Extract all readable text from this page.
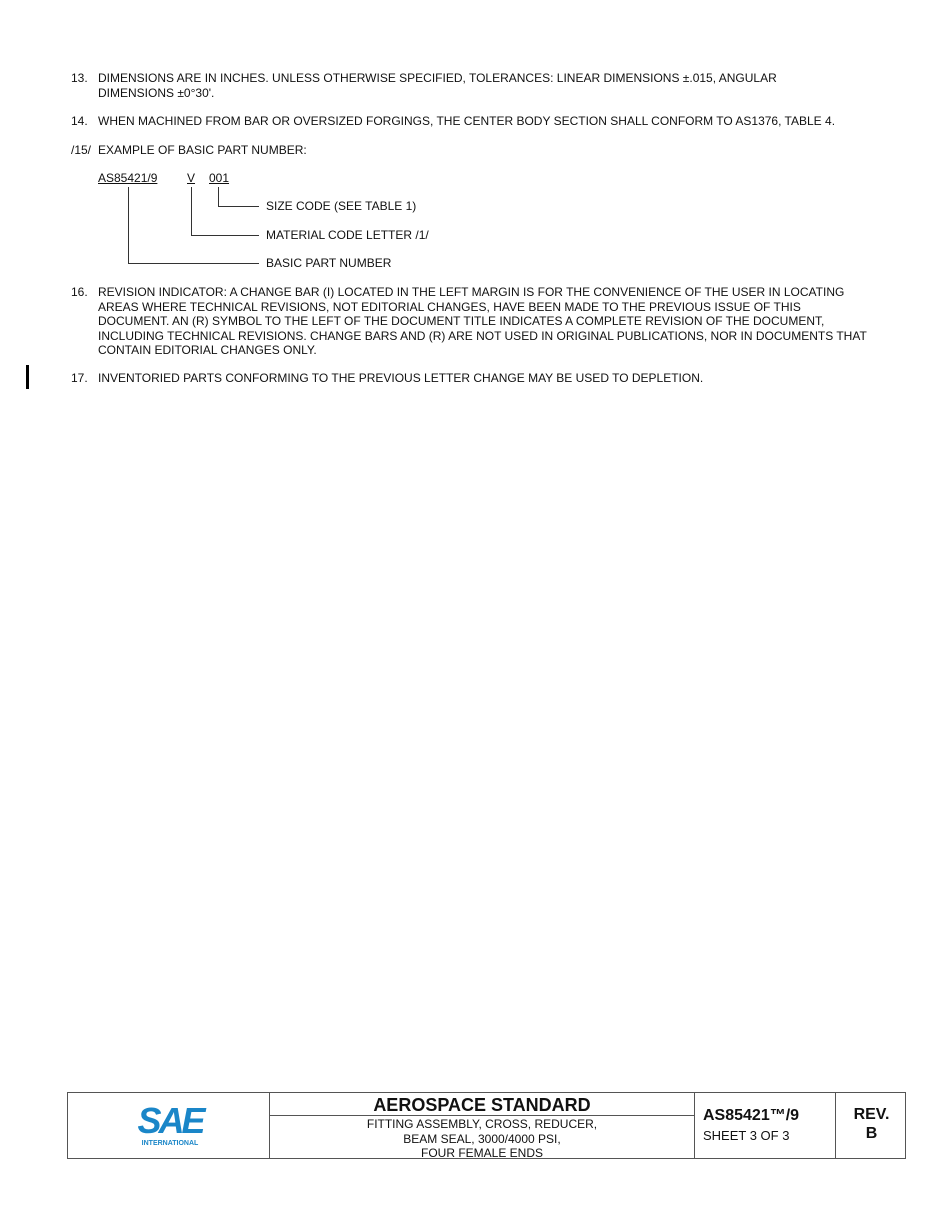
13. DIMENSIONS ARE IN INCHES. UNLESS OTHERWISE SPECIFIED, TOLERANCES: LINEAR DIMENSIONS ±.015, ANGULAR DIMENSIONS ±0°30'.
14. WHEN MACHINED FROM BAR OR OVERSIZED FORGINGS, THE CENTER BODY SECTION SHALL CONFORM TO AS1376, TABLE 4.
/15/ EXAMPLE OF BASIC PART NUMBER:
AS85421/9 V 001
SIZE CODE (SEE TABLE 1)
MATERIAL CODE LETTER /1/
BASIC PART NUMBER
16. REVISION INDICATOR: A CHANGE BAR (I) LOCATED IN THE LEFT MARGIN IS FOR THE CONVENIENCE OF THE USER IN LOCATING AREAS WHERE TECHNICAL REVISIONS, NOT EDITORIAL CHANGES, HAVE BEEN MADE TO THE PREVIOUS ISSUE OF THIS DOCUMENT. AN (R) SYMBOL TO THE LEFT OF THE DOCUMENT TITLE INDICATES A COMPLETE REVISION OF THE DOCUMENT, INCLUDING TECHNICAL REVISIONS. CHANGE BARS AND (R) ARE NOT USED IN ORIGINAL PUBLICATIONS, NOR IN DOCUMENTS THAT CONTAIN EDITORIAL CHANGES ONLY.
17. INVENTORIED PARTS CONFORMING TO THE PREVIOUS LETTER CHANGE MAY BE USED TO DEPLETION.
SAE
INTERNATIONAL
AEROSPACE STANDARD
FITTING ASSEMBLY, CROSS, REDUCER,
BEAM SEAL, 3000/4000 PSI,
FOUR FEMALE ENDS
AS85421™/9
SHEET 3 OF 3
REV.
B
